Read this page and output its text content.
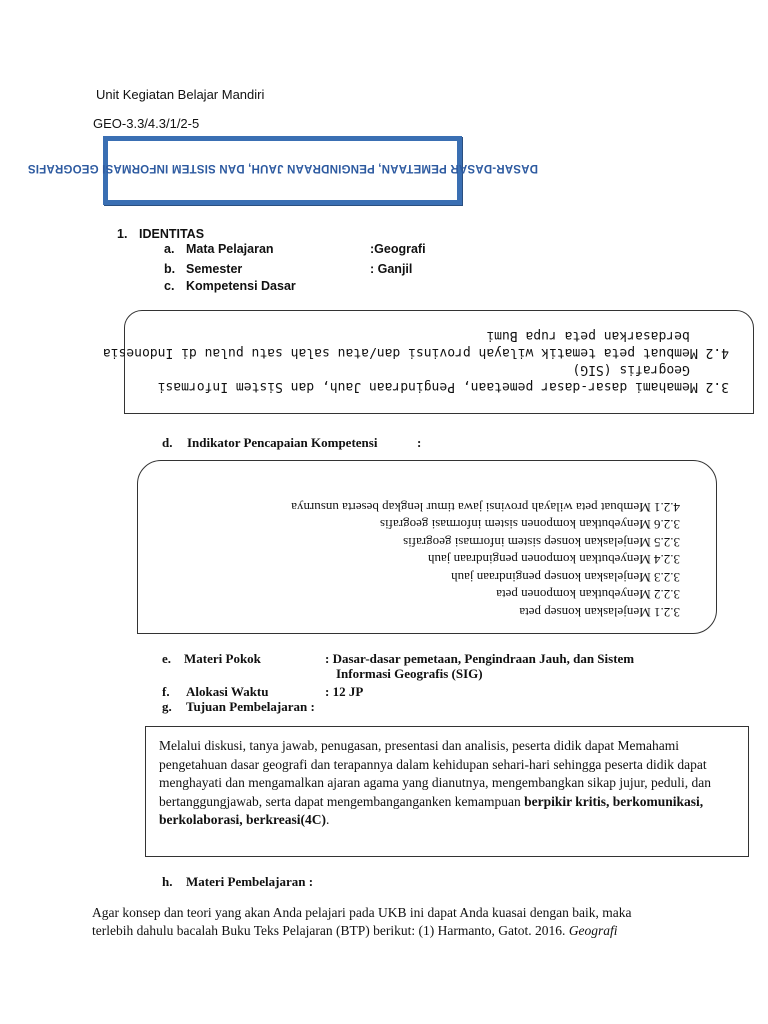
Unit Kegiatan Belajar Mandiri
GEO-3.3/4.3/1/2-5
DASAR-DASAR PEMETAAN, PENGINDRAAN JAUH, DAN SISTEM INFORMASI GEOGRAFIS
1. IDENTITAS
a. Mata Pelajaran	:Geografi
b. Semester	: Ganjil
c. Kompetensi Dasar
3.2 Memahami dasar-dasar pemetaan, Pengindraan Jauh, dan Sistem Informasi
Geografis (SIG)
4.2 Membuat peta tematik wilayah provinsi dan/atau salah satu pulau di Indonesia
berdasarkan peta rupa Bumi
d. Indikator Pencapaian Kompetensi	:
3.2.1 Menjelaskan konsep peta
3.2.2 Menyebutkan komponen peta
3.2.3 Menjelaskan konsep pengindraan jauh
3.2.4 Menyebutkan komponen pengindraan jauh
3.2.5 Menjelaskan konsep sistem informasi geografis
3.2.6 Menyebutkan komponen sistem informasi geografis
4.2.1 Membuat peta wilayah provinsi jawa timur lengkap beserta unsurnya
e. Materi Pokok	: Dasar-dasar pemetaan, Pengindraan Jauh, dan Sistem
Informasi Geografis (SIG)
f. Alokasi Waktu	: 12 JP
g. Tujuan Pembelajaran :
Melalui diskusi, tanya jawab, penugasan, presentasi dan analisis, peserta didik dapat Memahami pengetahuan dasar geografi dan terapannya dalam kehidupan sehari-hari sehingga peserta didik dapat menghayati dan mengamalkan ajaran agama yang dianutnya, mengembangkan sikap jujur, peduli, dan bertanggungjawab, serta dapat mengembanganganken kemampuan berpikir kritis, berkomunikasi, berkolaborasi, berkreasi(4C).
h. Materi Pembelajaran :
Agar konsep dan teori yang akan Anda pelajari pada UKB ini dapat Anda kuasai dengan baik, maka terlebih dahulu bacalah Buku Teks Pelajaran (BTP) berikut: (1) Harmanto, Gatot. 2016. Geografi
